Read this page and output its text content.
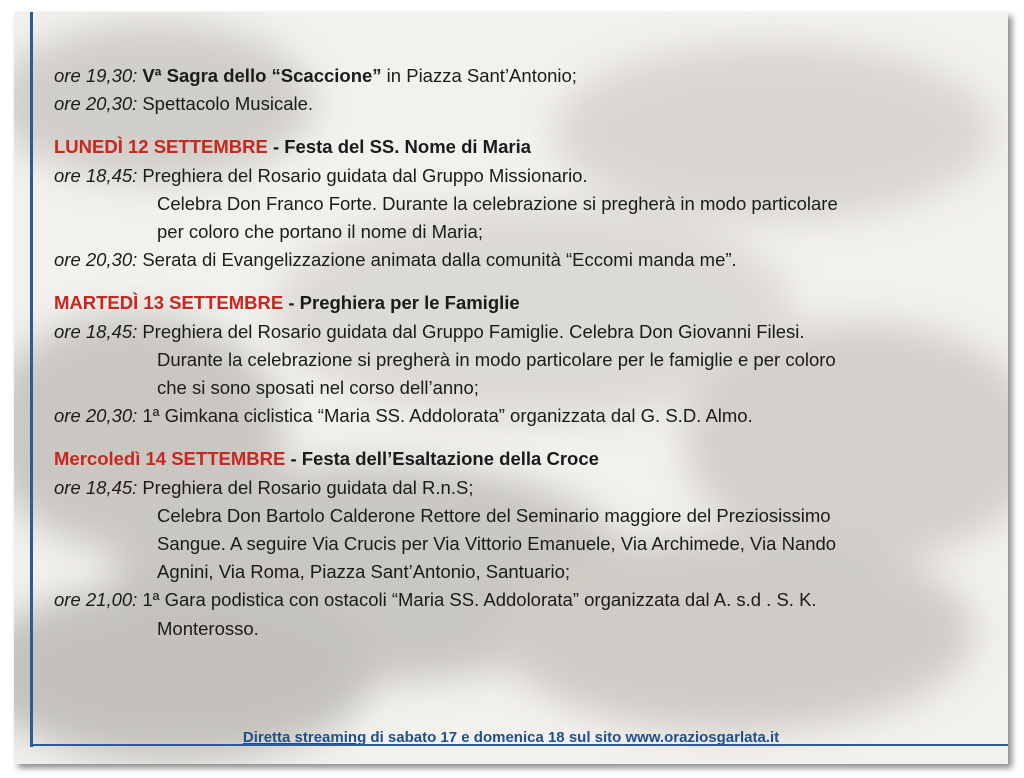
ore 19,30: Vª Sagra dello “Scaccione” in Piazza Sant’Antonio;
ore 20,30: Spettacolo Musicale.
LUNEDÌ 12 SETTEMBRE - Festa del SS. Nome di Maria
ore 18,45: Preghiera del Rosario guidata dal Gruppo Missionario.
Celebra Don Franco Forte. Durante la celebrazione si pregherà in modo particolare
per coloro che portano il nome di Maria;
ore 20,30: Serata di Evangelizzazione animata dalla comunità “Eccomi manda me”.
MARTEDÌ 13 SETTEMBRE - Preghiera per le Famiglie
ore 18,45: Preghiera del Rosario guidata dal Gruppo Famiglie. Celebra Don Giovanni Filesi.
Durante la celebrazione si pregherà in modo particolare per le famiglie e per coloro
che si sono sposati nel corso dell’anno;
ore 20,30: 1ª Gimkana ciclistica “Maria SS. Addolorata” organizzata dal G. S.D. Almo.
Mercoledì 14 SETTEMBRE - Festa dell’Esaltazione della Croce
ore 18,45: Preghiera del Rosario guidata dal R.n.S;
Celebra Don Bartolo Calderone Rettore del Seminario maggiore del Preziosissimo
Sangue. A seguire Via Crucis per Via Vittorio Emanuele, Via Archimede, Via Nando
Agnini, Via Roma, Piazza Sant’Antonio, Santuario;
ore 21,00: 1ª Gara podistica con ostacoli “Maria SS. Addolorata” organizzata dal A. s.d . S. K.
Monterosso.
Diretta streaming di sabato 17 e domenica 18 sul sito www.oraziosgarlata.it
